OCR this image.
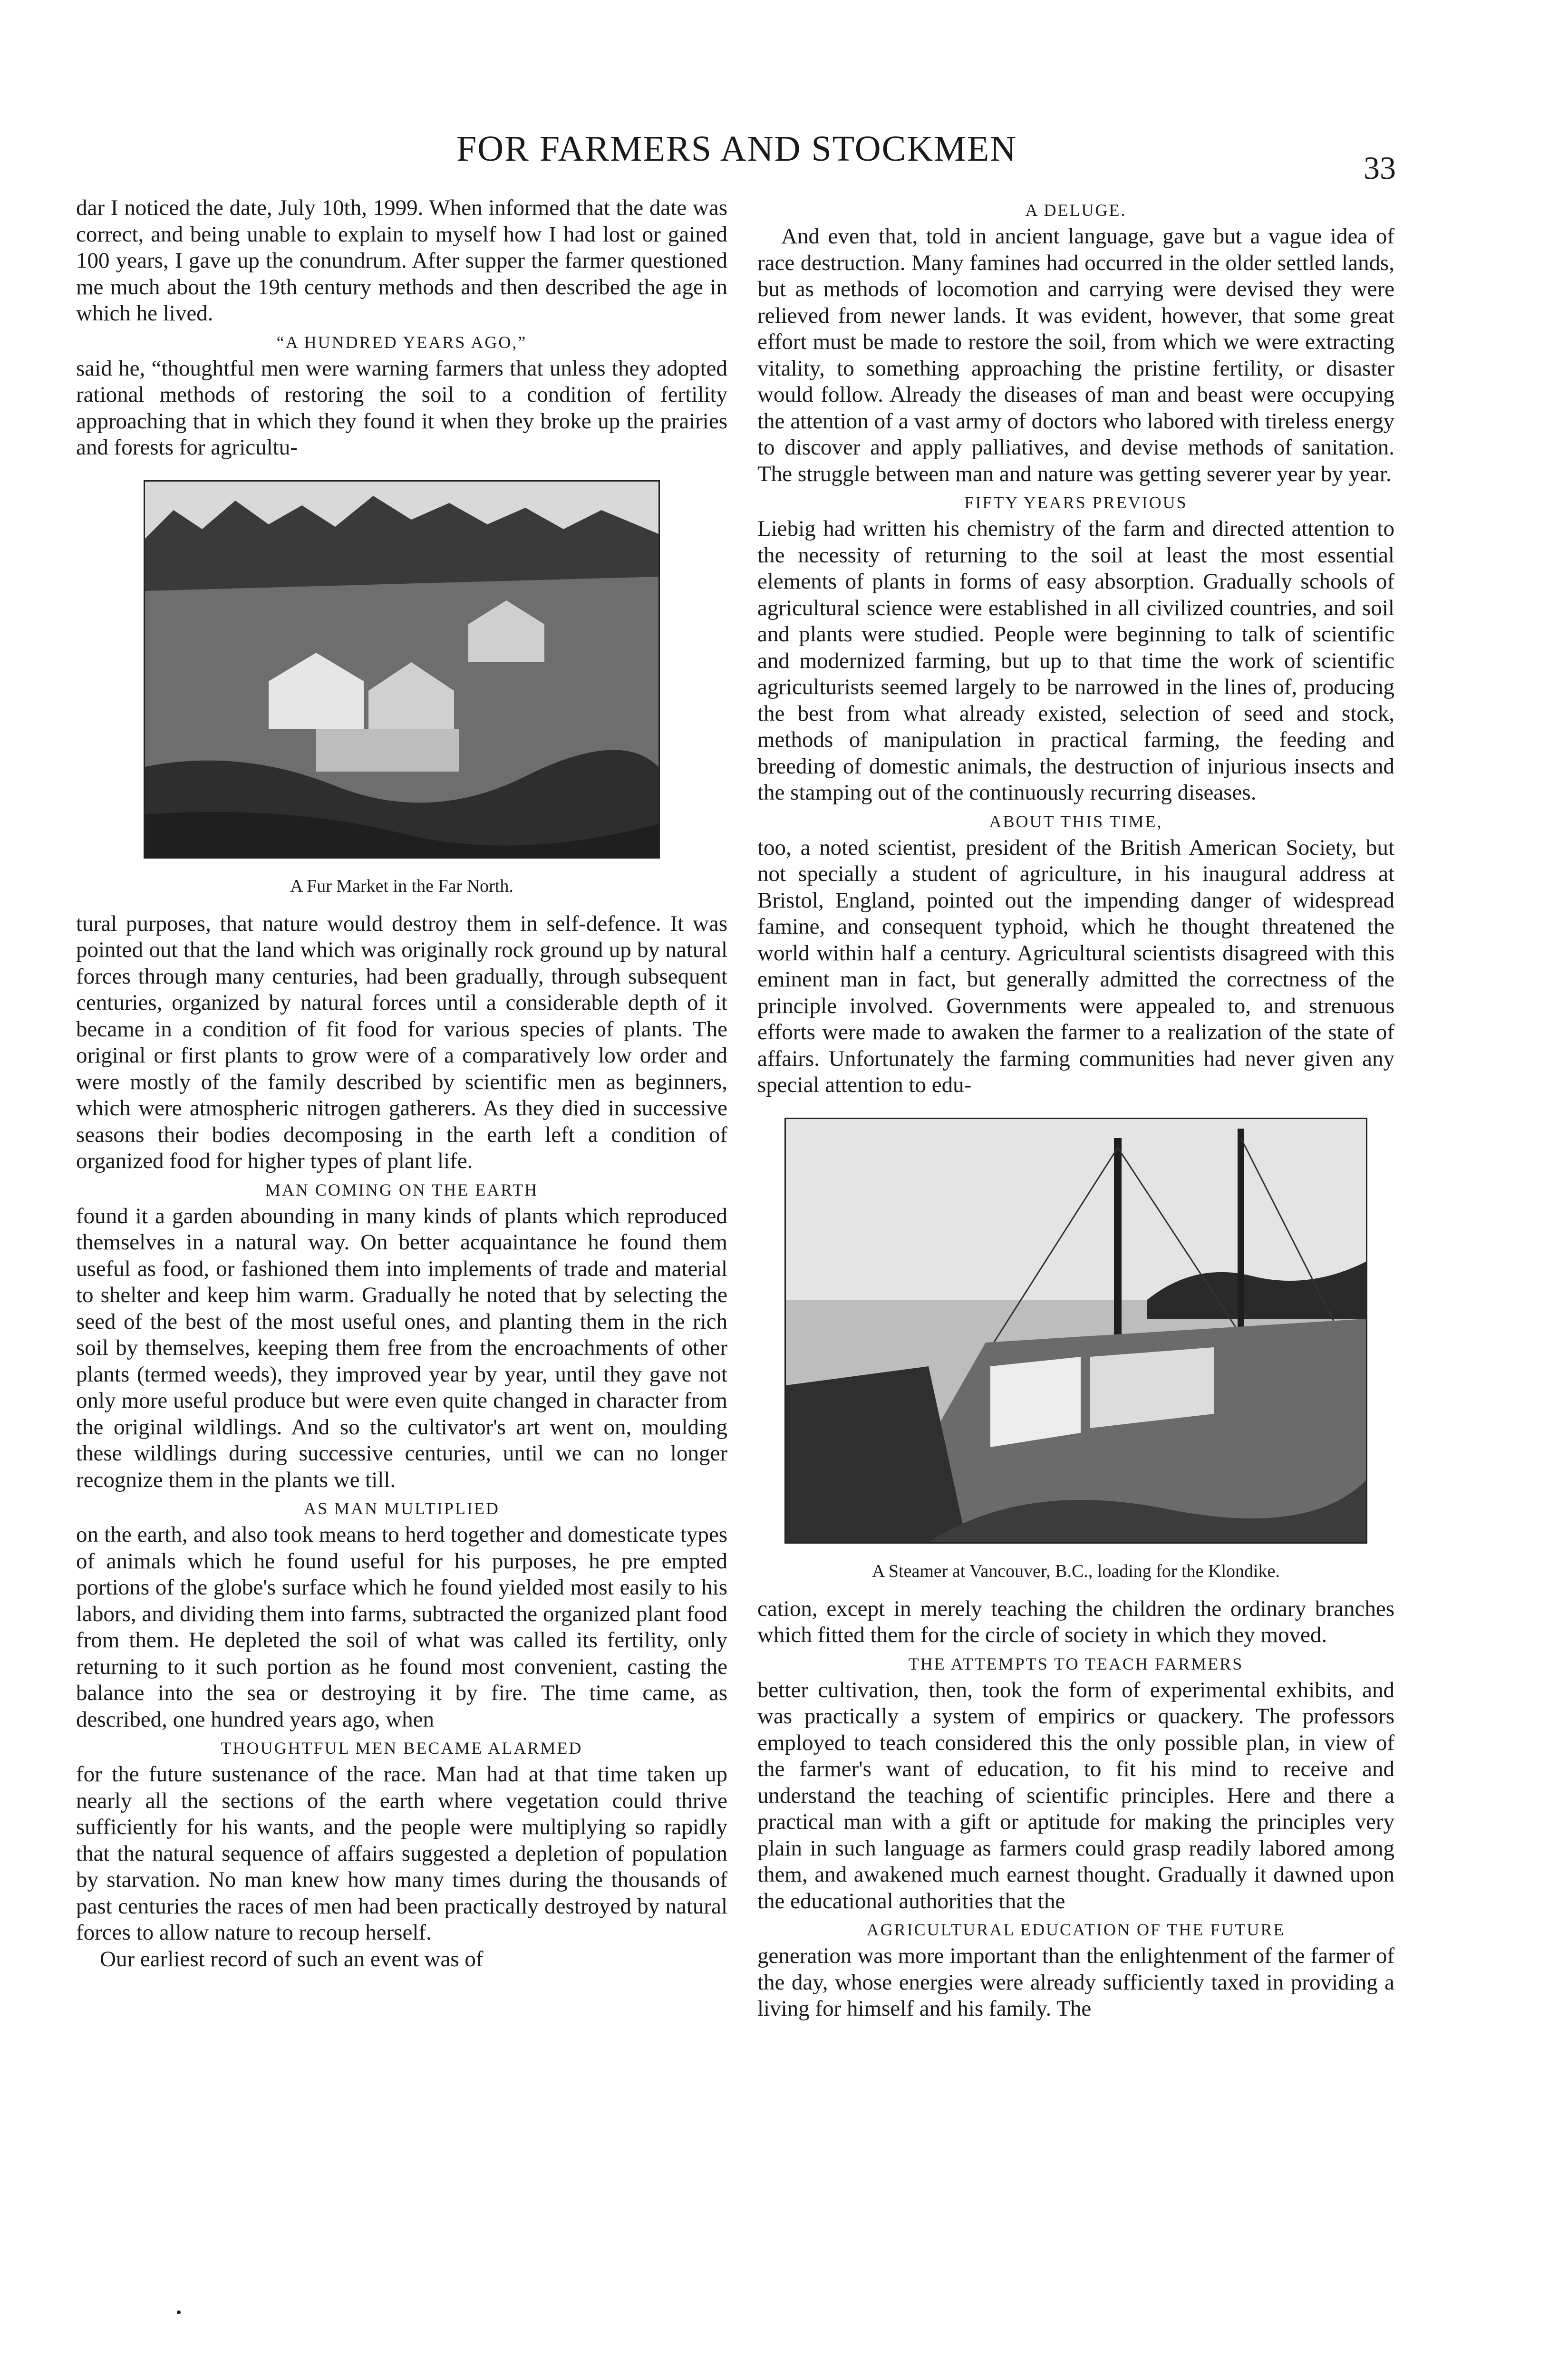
FOR FARMERS AND STOCKMEN	33

dar I noticed the date, July 10th, 1999. When informed that the date was correct, and being unable to explain to myself how I had lost or gained 100 years, I gave up the conundrum. After supper the farmer questioned me much about the 19th century methods and then described the age in which he lived.

“A HUNDRED YEARS AGO,”

said he, “thoughtful men were warning farmers that unless they adopted rational methods of restoring the soil to a condition of fertility approaching that in which they found it when they broke up the prairies and forests for agricultu-

A Fur Market in the Far North.

tural purposes, that nature would destroy them in self-defence. It was pointed out that the land which was originally rock ground up by natural forces through many centuries, had been gradually, through subsequent centuries, organized by natural forces until a considerable depth of it became in a condition of fit food for various species of plants. The original or first plants to grow were of a comparatively low order and were mostly of the family described by scientific men as beginners, which were atmospheric nitrogen gatherers. As they died in successive seasons their bodies decomposing in the earth left a condition of organized food for higher types of plant life.

MAN COMING ON THE EARTH

found it a garden abounding in many kinds of plants which reproduced themselves in a natural way. On better acquaintance he found them useful as food, or fashioned them into implements of trade and material to shelter and keep him warm. Gradually he noted that by selecting the seed of the best of the most useful ones, and planting them in the rich soil by themselves, keeping them free from the encroachments of other plants (termed weeds), they improved year by year, until they gave not only more useful produce but were even quite changed in character from the original wildlings. And so the cultivator's art went on, moulding these wildlings during successive centuries, until we can no longer recognize them in the plants we till.

AS MAN MULTIPLIED

on the earth, and also took means to herd together and domesticate types of animals which he found useful for his purposes, he pre empted portions of the globe's surface which he found yielded most easily to his labors, and dividing them into farms, subtracted the organized plant food from them. He depleted the soil of what was called its fertility, only returning to it such portion as he found most convenient, casting the balance into the sea or destroying it by fire. The time came, as described, one hundred years ago, when

THOUGHTFUL MEN BECAME ALARMED

for the future sustenance of the race. Man had at that time taken up nearly all the sections of the earth where vegetation could thrive sufficiently for his wants, and the people were multiplying so rapidly that the natural sequence of affairs suggested a depletion of population by starvation. No man knew how many times during the thousands of past centuries the races of men had been practically destroyed by natural forces to allow nature to recoup herself.

Our earliest record of such an event was of

A DELUGE.

And even that, told in ancient language, gave but a vague idea of race destruction. Many famines had occurred in the older settled lands, but as methods of locomotion and carrying were devised they were relieved from newer lands. It was evident, however, that some great effort must be made to restore the soil, from which we were extracting vitality, to something approaching the pristine fertility, or disaster would follow. Already the diseases of man and beast were occupying the attention of a vast army of doctors who labored with tireless energy to discover and apply palliatives, and devise methods of sanitation. The struggle between man and nature was getting severer year by year.

FIFTY YEARS PREVIOUS

Liebig had written his chemistry of the farm and directed attention to the necessity of returning to the soil at least the most essential elements of plants in forms of easy absorption. Gradually schools of agricultural science were established in all civilized countries, and soil and plants were studied. People were beginning to talk of scientific and modernized farming, but up to that time the work of scientific agriculturists seemed largely to be narrowed in the lines of, producing the best from what already existed, selection of seed and stock, methods of manipulation in practical farming, the feeding and breeding of domestic animals, the destruction of injurious insects and the stamping out of the continuously recurring diseases.

ABOUT THIS TIME,

too, a noted scientist, president of the British American Society, but not specially a student of agriculture, in his inaugural address at Bristol, England, pointed out the impending danger of widespread famine, and consequent typhoid, which he thought threatened the world within half a century. Agricultural scientists disagreed with this eminent man in fact, but generally admitted the correctness of the principle involved. Governments were appealed to, and strenuous efforts were made to awaken the farmer to a realization of the state of affairs. Unfortunately the farming communities had never given any special attention to edu-

A Steamer at Vancouver, B.C., loading for the Klondike.

cation, except in merely teaching the children the ordinary branches which fitted them for the circle of society in which they moved.

THE ATTEMPTS TO TEACH FARMERS

better cultivation, then, took the form of experimental exhibits, and was practically a system of empirics or quackery. The professors employed to teach considered this the only possible plan, in view of the farmer's want of education, to fit his mind to receive and understand the teaching of scientific principles. Here and there a practical man with a gift or aptitude for making the principles very plain in such language as farmers could grasp readily labored among them, and awakened much earnest thought. Gradually it dawned upon the educational authorities that the

AGRICULTURAL EDUCATION OF THE FUTURE

generation was more important than the enlightenment of the farmer of the day, whose energies were already sufficiently taxed in providing a living for himself and his family. The
